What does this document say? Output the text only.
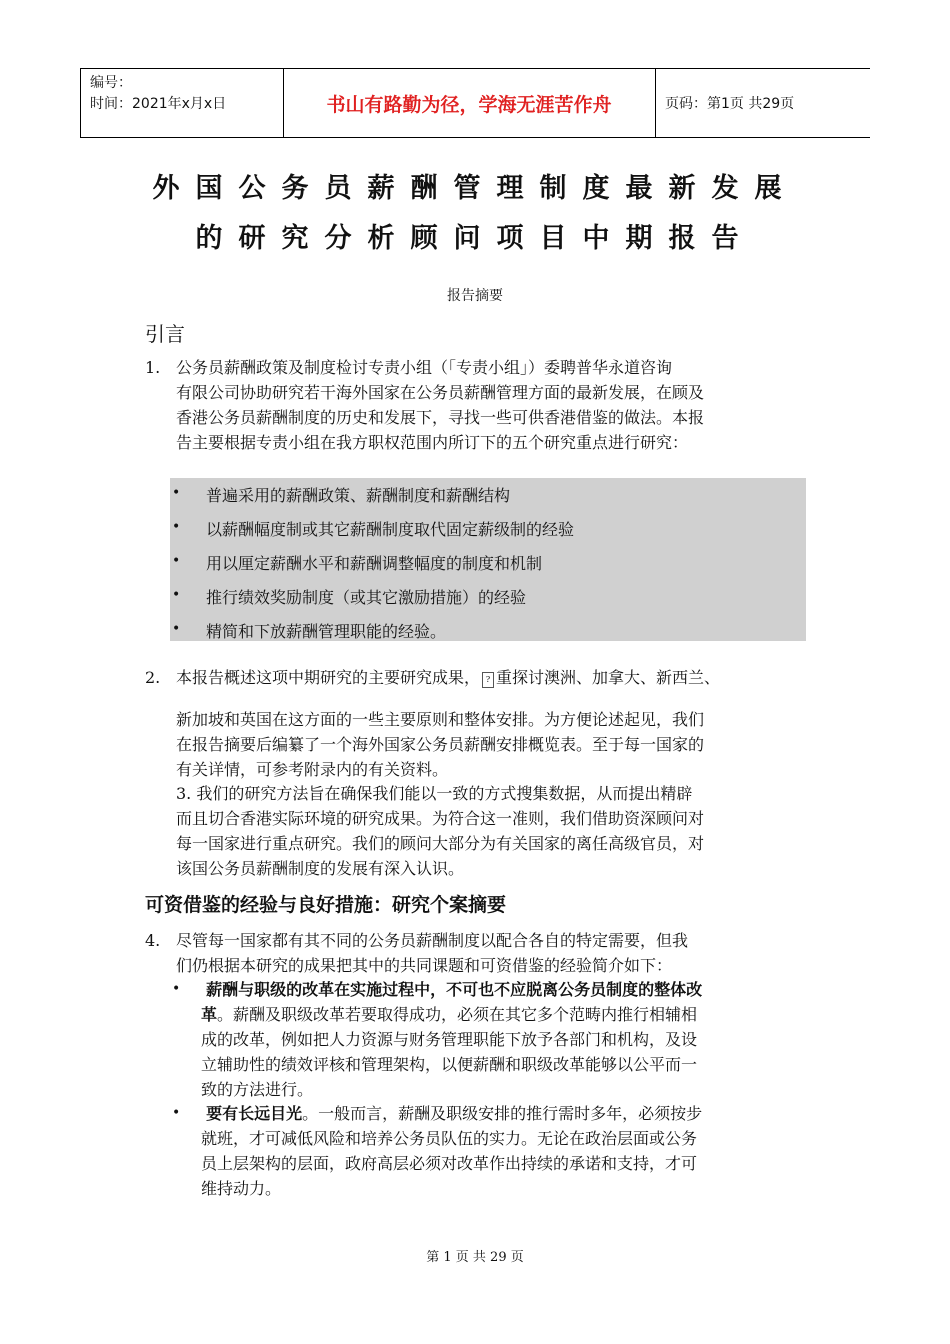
编号：
时间：2021年x月x日	书山有路勤为径，学海无涯苦作舟	页码：第1页 共29页
外国公务员薪酬管理制度最新发展
的研究分析顾问项目中期报告
报告摘要
引言
1. 公务员薪酬政策及制度检讨专责小组（「专责小组」）委聘普华永道咨询
有限公司协助研究若干海外国家在公务员薪酬管理方面的最新发展，在顾及
香港公务员薪酬制度的历史和发展下，寻找一些可供香港借鉴的做法。本报
告主要根据专责小组在我方职权范围内所订下的五个研究重点进行研究：
• 普遍采用的薪酬政策、薪酬制度和薪酬结构
• 以薪酬幅度制或其它薪酬制度取代固定薪级制的经验
• 用以厘定薪酬水平和薪酬调整幅度的制度和机制
• 推行绩效奖励制度（或其它激励措施）的经验
• 精简和下放薪酬管理职能的经验。
2. 本报告概述这项中期研究的主要研究成果， ? 重探讨澳洲、加拿大、新西兰、
新加坡和英国在这方面的一些主要原则和整体安排。为方便论述起见，我们
在报告摘要后编纂了一个海外国家公务员薪酬安排概览表。至于每一国家的
有关详情，可参考附录内的有关资料。
3. 我们的研究方法旨在确保我们能以一致的方式搜集数据，从而提出精辟
而且切合香港实际环境的研究成果。为符合这一准则，我们借助资深顾问对
每一国家进行重点研究。我们的顾问大部分为有关国家的离任高级官员，对
该国公务员薪酬制度的发展有深入认识。
可资借鉴的经验与良好措施：研究个案摘要
4. 尽管每一国家都有其不同的公务员薪酬制度以配合各自的特定需要，但我
们仍根据本研究的成果把其中的共同课题和可资借鉴的经验简介如下：
•	薪酬与职级的改革在实施过程中，不可也不应脱离公务员制度的整体改
革。薪酬及职级改革若要取得成功，必须在其它多个范畴内推行相辅相
成的改革，例如把人力资源与财务管理职能下放予各部门和机构，及设
立辅助性的绩效评核和管理架构，以便薪酬和职级改革能够以公平而一
致的方法进行。
•	要有长远目光。一般而言，薪酬及职级安排的推行需时多年，必须按步
就班，才可减低风险和培养公务员队伍的实力。无论在政治层面或公务
员上层架构的层面，政府高层必须对改革作出持续的承诺和支持，才可
维持动力。
第 1 页 共 29 页
